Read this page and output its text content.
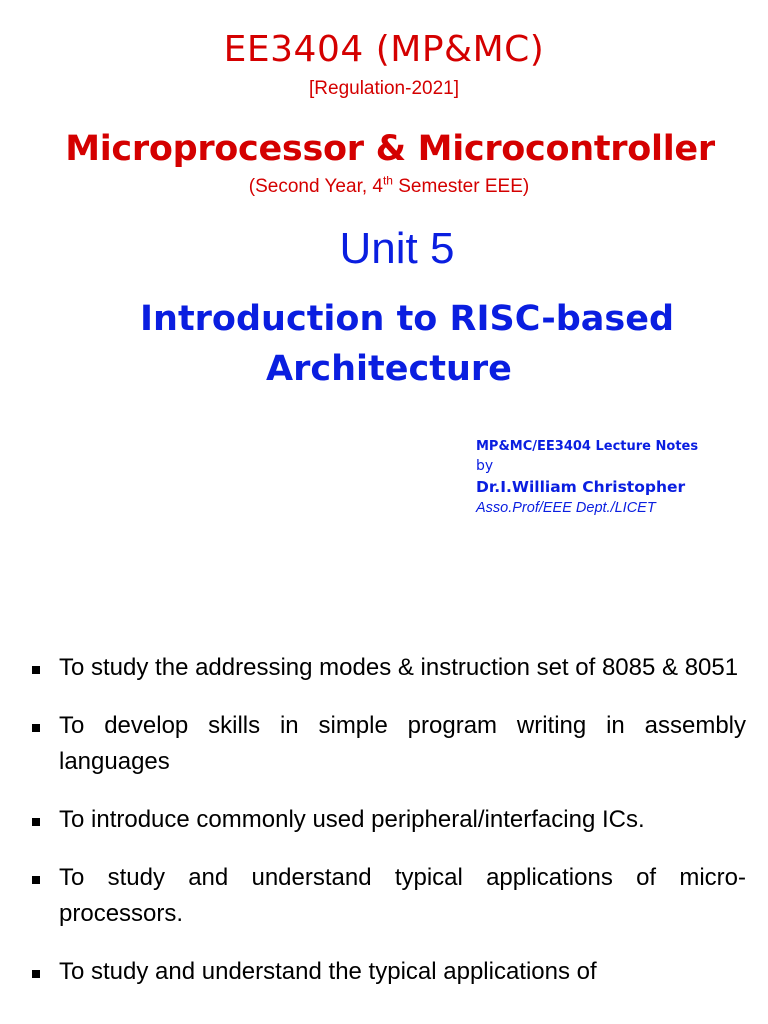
EE3404 (MP&MC)
[Regulation-2021]
Microprocessor & Microcontroller
(Second Year, 4th Semester EEE)
Unit 5
Introduction to RISC-based
Architecture
MP&MC/EE3404 Lecture Notes
by
Dr.I.William Christopher
Asso.Prof/EEE Dept./LICET
To study the addressing modes & instruction set of 8085 & 8051
To develop skills in simple program writing in assembly languages
To introduce commonly used peripheral/interfacing ICs.
To study and understand typical applications of micro-processors.
To study and understand the typical applications of
